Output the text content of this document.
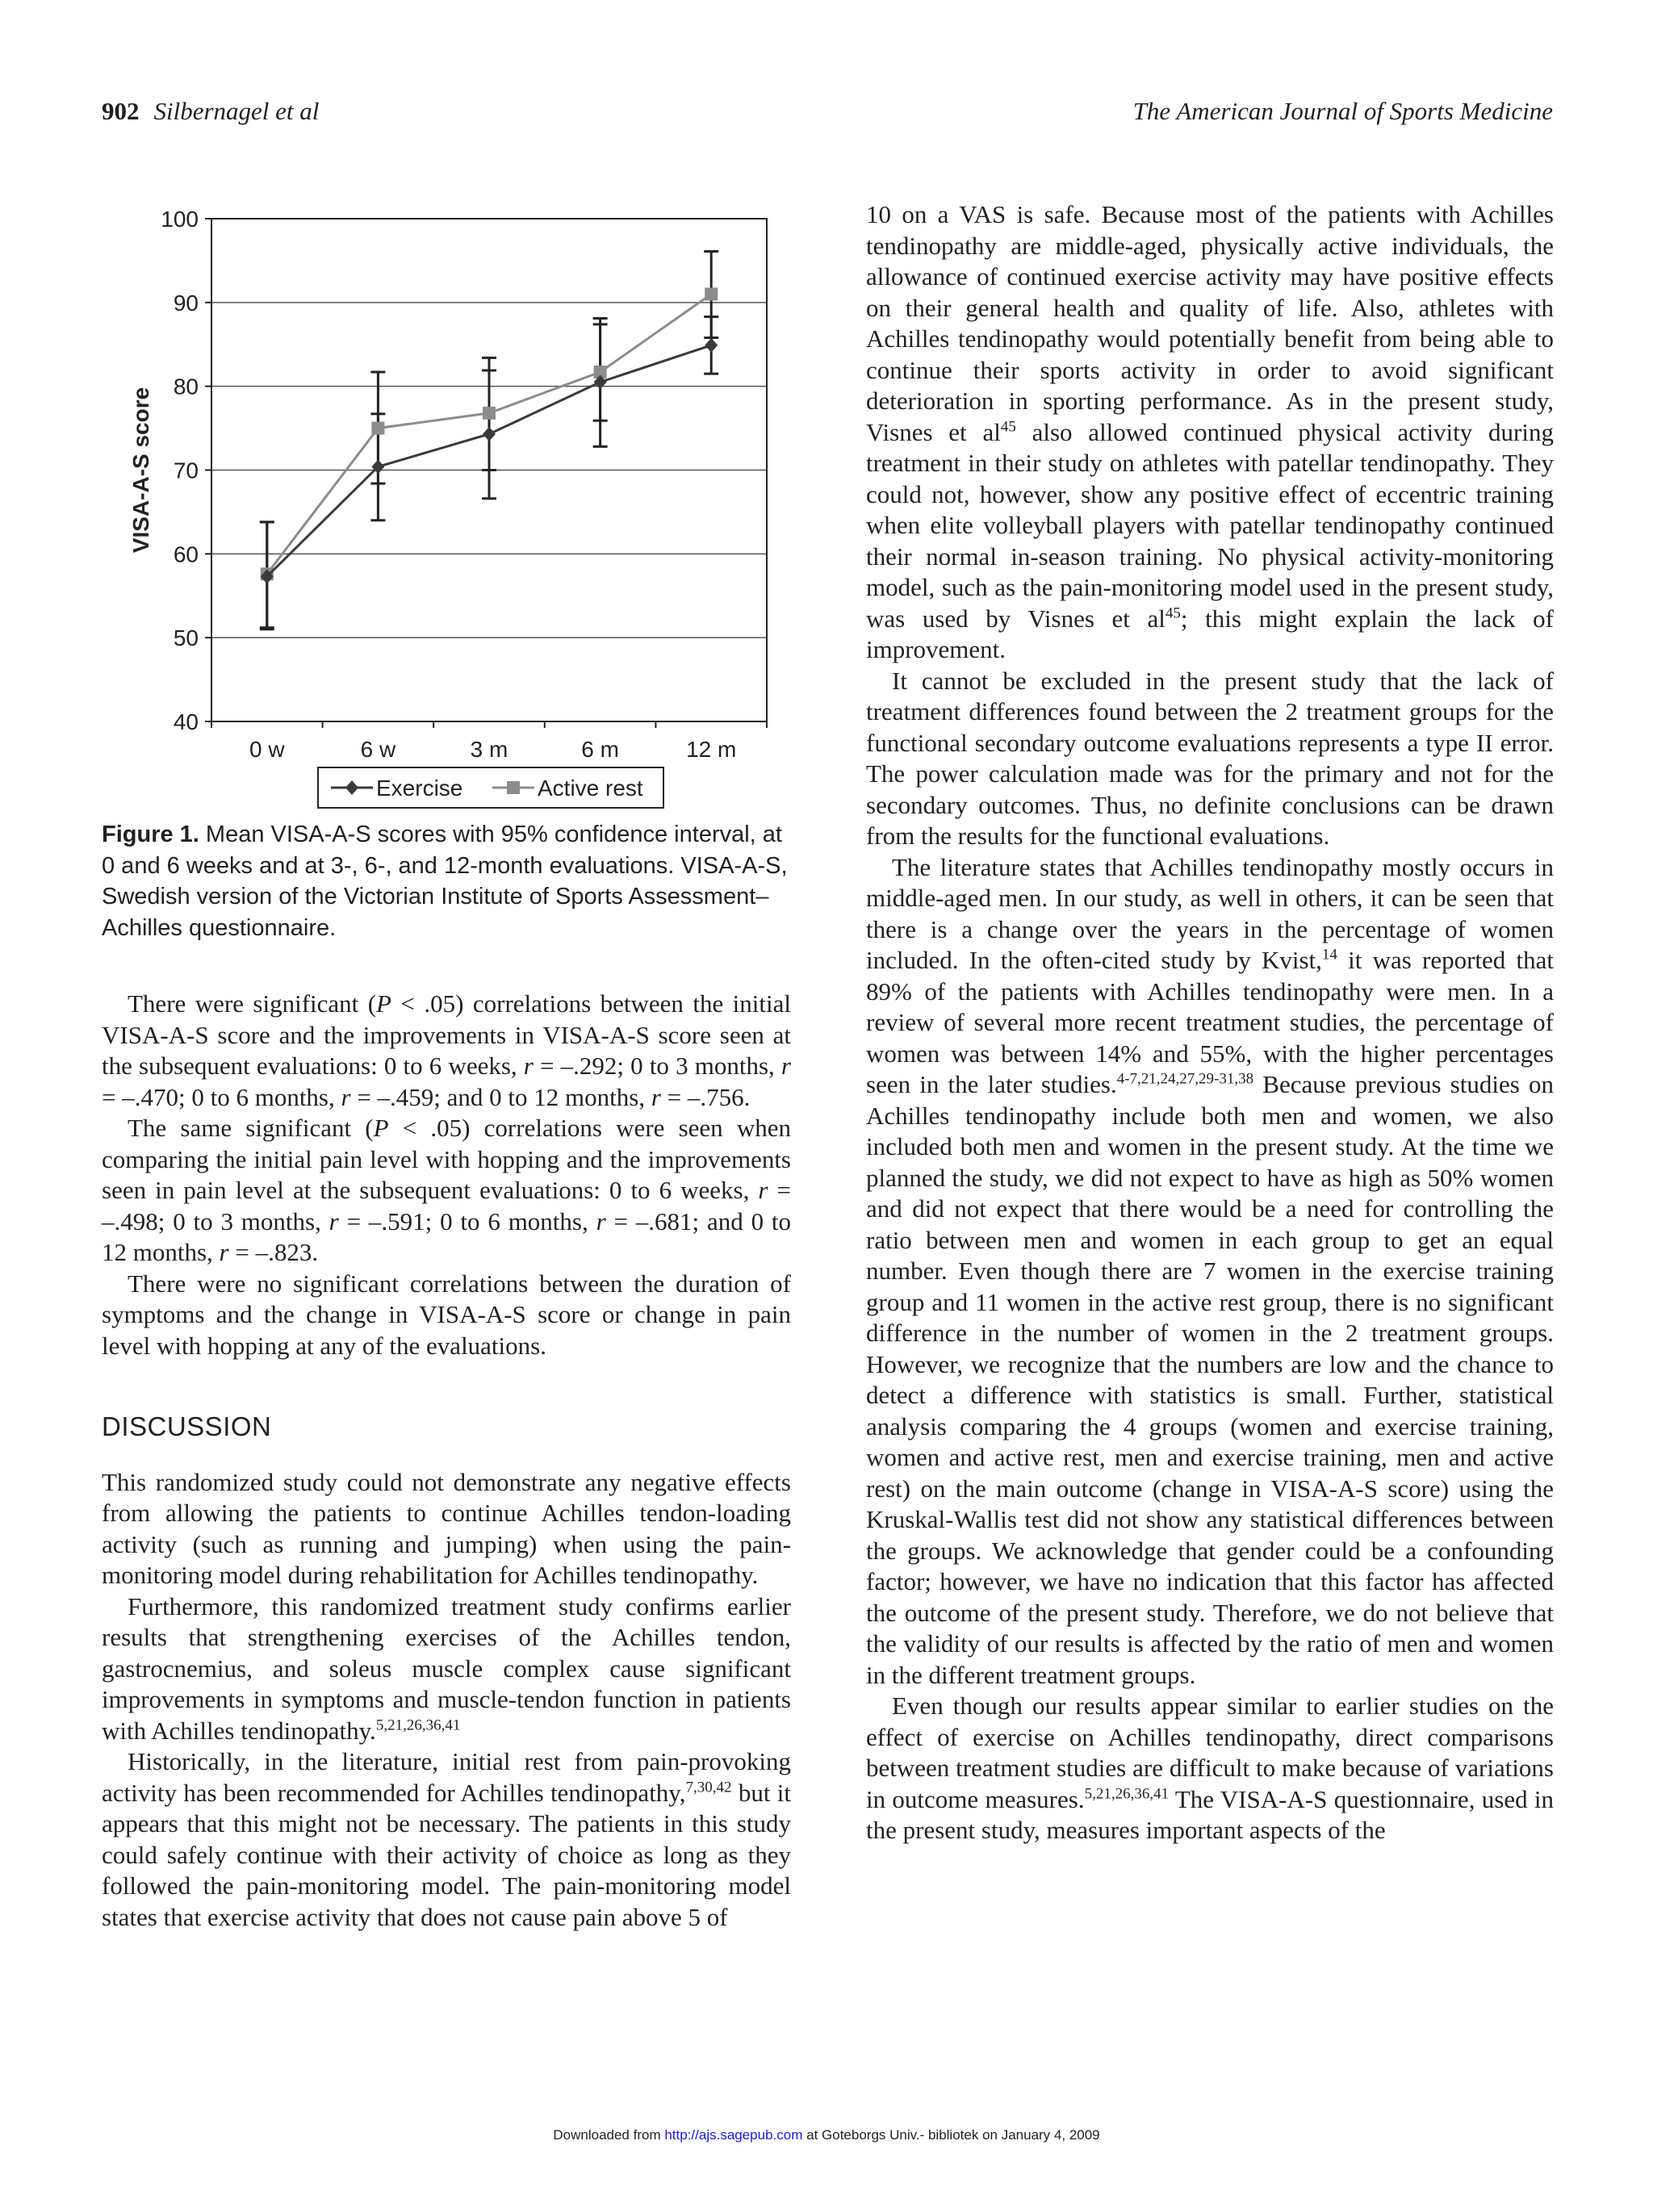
902 Silbernagel et al	The American Journal of Sports Medicine
40
50
60
70
80
90
100
0 w	6 w	3 m	6 m	12 m
VISA-A-S score
Exercise	Active rest
Figure 1. Mean VISA-A-S scores with 95% confidence interval, at 0 and 6 weeks and at 3-, 6-, and 12-month evaluations. VISA-A-S, Swedish version of the Victorian Institute of Sports Assessment–Achilles questionnaire.

There were significant (P < .05) correlations between the initial VISA-A-S score and the improvements in VISA-A-S score seen at the subsequent evaluations: 0 to 6 weeks, r = –.292; 0 to 3 months, r = –.470; 0 to 6 months, r = –.459; and 0 to 12 months, r = –.756.

The same significant (P < .05) correlations were seen when comparing the initial pain level with hopping and the improvements seen in pain level at the subsequent evaluations: 0 to 6 weeks, r = –.498; 0 to 3 months, r = –.591; 0 to 6 months, r = –.681; and 0 to 12 months, r = –.823.

There were no significant correlations between the duration of symptoms and the change in VISA-A-S score or change in pain level with hopping at any of the evaluations.

DISCUSSION

This randomized study could not demonstrate any negative effects from allowing the patients to continue Achilles tendon-loading activity (such as running and jumping) when using the pain-monitoring model during rehabilitation for Achilles tendinopathy.

Furthermore, this randomized treatment study confirms earlier results that strengthening exercises of the Achilles tendon, gastrocnemius, and soleus muscle complex cause significant improvements in symptoms and muscle-tendon function in patients with Achilles tendinopathy.$^{5,21,26,36,41}$

Historically, in the literature, initial rest from pain-provoking activity has been recommended for Achilles tendinopathy,$^{7,30,42}$ but it appears that this might not be necessary. The patients in this study could safely continue with their activity of choice as long as they followed the pain-monitoring model. The pain-monitoring model states that exercise activity that does not cause pain above 5 of

10 on a VAS is safe. Because most of the patients with Achilles tendinopathy are middle-aged, physically active individuals, the allowance of continued exercise activity may have positive effects on their general health and quality of life. Also, athletes with Achilles tendinopathy would potentially benefit from being able to continue their sports activity in order to avoid significant deterioration in sporting performance. As in the present study, Visnes et $al^{45}$ also allowed continued physical activity during treatment in their study on athletes with patellar tendinopathy. They could not, however, show any positive effect of eccentric training when elite volleyball players with patellar tendinopathy continued their normal in-season training. No physical activity-monitoring model, such as the pain-monitoring model used in the present study, was used by Visnes et $al^{45}$; this might explain the lack of improvement.

It cannot be excluded in the present study that the lack of treatment differences found between the 2 treatment groups for the functional secondary outcome evaluations represents a type II error. The power calculation made was for the primary and not for the secondary outcomes. Thus, no definite conclusions can be drawn from the results for the functional evaluations.

The literature states that Achilles tendinopathy mostly occurs in middle-aged men. In our study, as well in others, it can be seen that there is a change over the years in the percentage of women included. In the often-cited study by Kvist,$^{14}$ it was reported that 89% of the patients with Achilles tendinopathy were men. In a review of several more recent treatment studies, the percentage of women was between 14% and 55%, with the higher percentages seen in the later studies.$^{4-7,21,24,27,29-31,38}$ Because previous studies on Achilles tendinopathy include both men and women, we also included both men and women in the present study. At the time we planned the study, we did not expect to have as high as 50% women and did not expect that there would be a need for controlling the ratio between men and women in each group to get an equal number. Even though there are 7 women in the exercise training group and 11 women in the active rest group, there is no significant difference in the number of women in the 2 treatment groups. However, we recognize that the numbers are low and the chance to detect a difference with statistics is small. Further, statistical analysis comparing the 4 groups (women and exercise training, women and active rest, men and exercise training, men and active rest) on the main outcome (change in VISA-A-S score) using the Kruskal-Wallis test did not show any statistical differences between the groups. We acknowledge that gender could be a confounding factor; however, we have no indication that this factor has affected the outcome of the present study. Therefore, we do not believe that the validity of our results is affected by the ratio of men and women in the different treatment groups.

Even though our results appear similar to earlier studies on the effect of exercise on Achilles tendinopathy, direct comparisons between treatment studies are difficult to make because of variations in outcome measures.$^{5,21,26,36,41}$ The VISA-A-S questionnaire, used in the present study, measures important aspects of the

Downloaded from http://ajs.sagepub.com at Goteborgs Univ.- bibliotek on January 4, 2009
